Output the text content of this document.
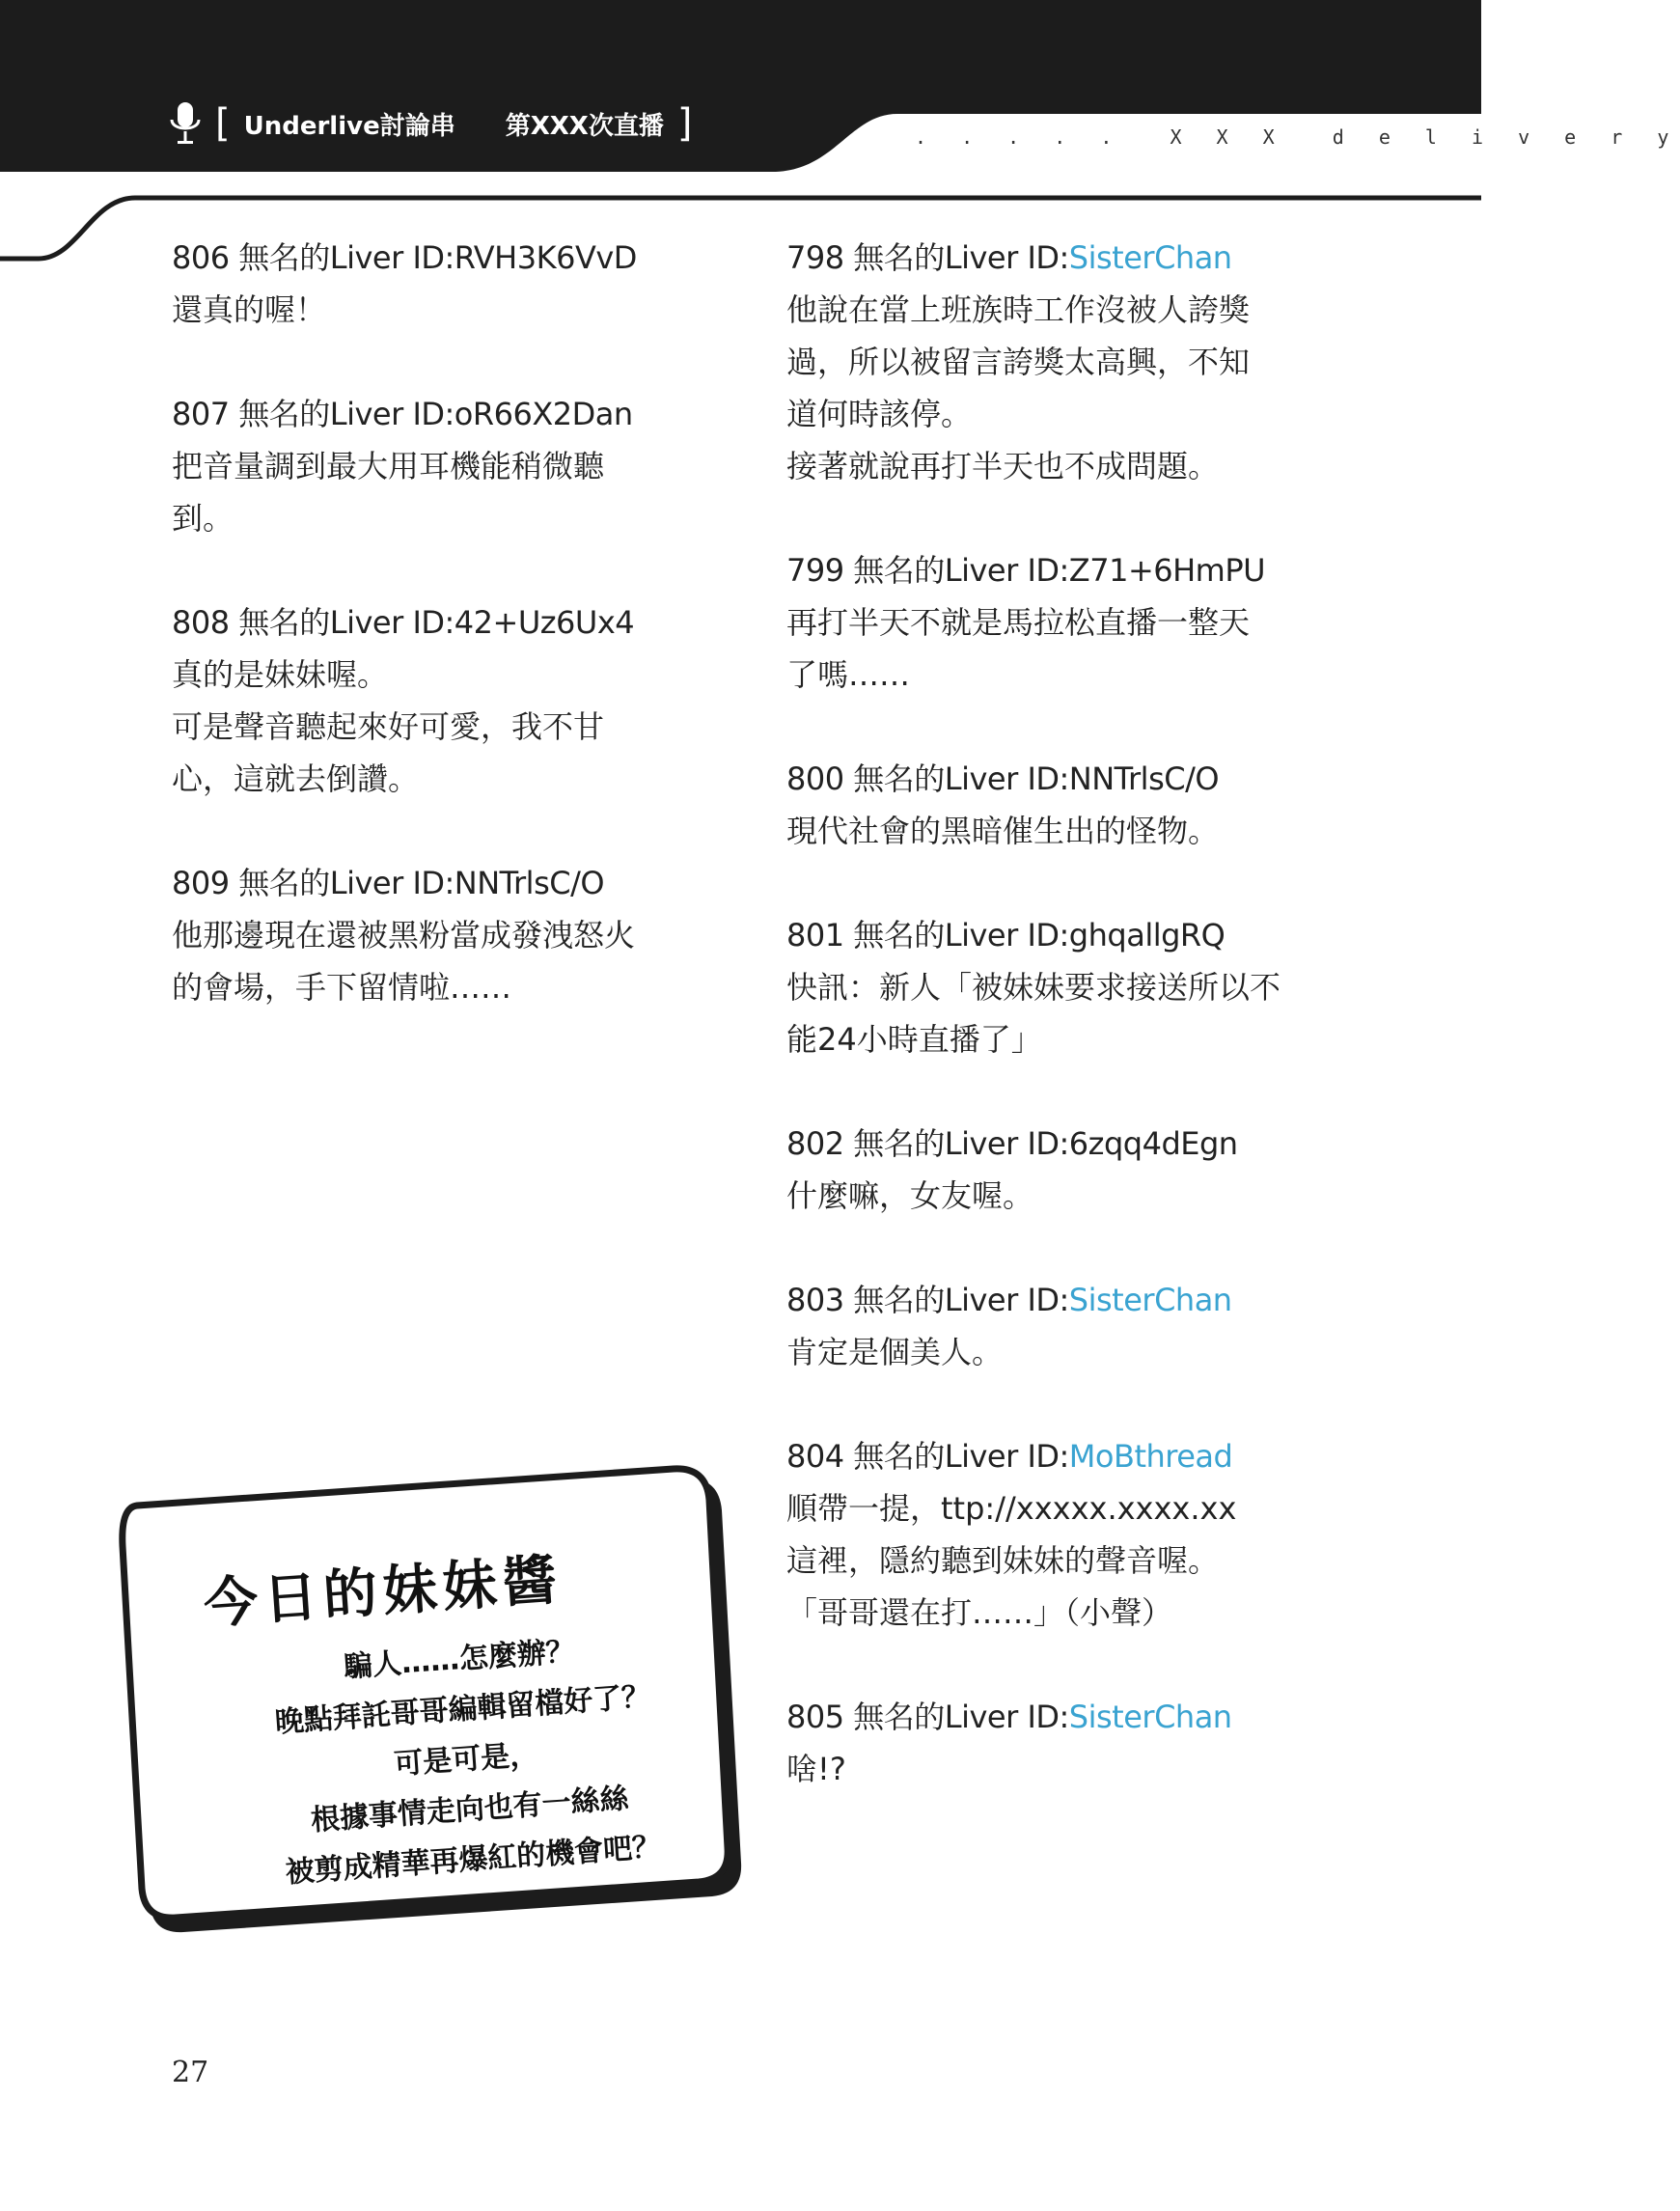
[ Underlive討論串 第XXX次直播 ]	. . . . .  X X X  d e l i v e r y

806 無名的Liver ID:RVH3K6VvD

還真的喔！

807 無名的Liver ID:oR66X2Dan

把音量調到最大用耳機能稍微聽

到。

808 無名的Liver ID:42+Uz6Ux4

真的是妹妹喔。

可是聲音聽起來好可愛，我不甘

心，這就去倒讚。

809 無名的Liver ID:NNTrlsC/O

他那邊現在還被黑粉當成發洩怒火

的會場，手下留情啦……

798 無名的Liver ID:SisterChan

他說在當上班族時工作沒被人誇獎

過，所以被留言誇獎太高興，不知

道何時該停。

接著就說再打半天也不成問題。

799 無名的Liver ID:Z71+6HmPU

再打半天不就是馬拉松直播一整天

了嗎……

800 無名的Liver ID:NNTrlsC/O

現代社會的黑暗催生出的怪物。

801 無名的Liver ID:ghqallgRQ

快訊：新人「被妹妹要求接送所以不

能24小時直播了」

802 無名的Liver ID:6zqq4dEgn

什麼嘛，女友喔。

803 無名的Liver ID:SisterChan

肯定是個美人。

804 無名的Liver ID:MoBthread

順帶一提，ttp://xxxxx.xxxx.xx

這裡，隱約聽到妹妹的聲音喔。

「哥哥還在打……」（小聲）

805 無名的Liver ID:SisterChan

啥!?

今日的妹妹醬
騙人……怎麼辦？
晚點拜託哥哥編輯留檔好了？
可是可是，
根據事情走向也有一絲絲
被剪成精華再爆紅的機會吧？
27
